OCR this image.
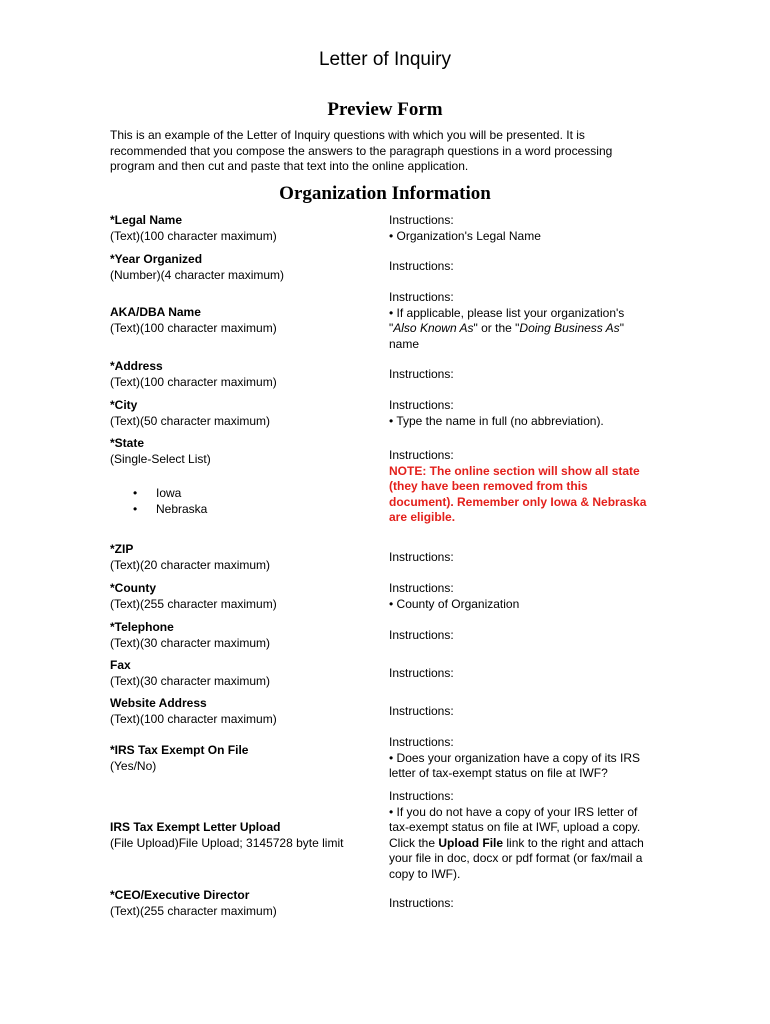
Letter of Inquiry
Preview Form
This is an example of the Letter of Inquiry questions with which you will be presented. It is
recommended that you compose the answers to the paragraph questions in a word processing
program and then cut and paste that text into the online application.
Organization Information
*Legal Name
(Text)(100 character maximum)
Instructions:
• Organization's Legal Name
*Year Organized
(Number)(4 character maximum)
Instructions:
AKA/DBA Name
(Text)(100 character maximum)
Instructions:
• If applicable, please list your organization's
"Also Known As" or the "Doing Business As"
name
*Address
(Text)(100 character maximum)
Instructions:
*City
(Text)(50 character maximum)
Instructions:
• Type the name in full (no abbreviation).
*State
(Single-Select List)
• Iowa
• Nebraska
Instructions:
NOTE: The online section will show all state
(they have been removed from this
document). Remember only Iowa & Nebraska
are eligible.
*ZIP
(Text)(20 character maximum)
Instructions:
*County
(Text)(255 character maximum)
Instructions:
• County of Organization
*Telephone
(Text)(30 character maximum)
Instructions:
Fax
(Text)(30 character maximum)
Instructions:
Website Address
(Text)(100 character maximum)
Instructions:
*IRS Tax Exempt On File
(Yes/No)
Instructions:
• Does your organization have a copy of its IRS
letter of tax-exempt status on file at IWF?
IRS Tax Exempt Letter Upload
(File Upload)File Upload; 3145728 byte limit
Instructions:
• If you do not have a copy of your IRS letter of
tax-exempt status on file at IWF, upload a copy.
Click the Upload File link to the right and attach
your file in doc, docx or pdf format (or fax/mail a
copy to IWF).
*CEO/Executive Director
(Text)(255 character maximum)
Instructions:
